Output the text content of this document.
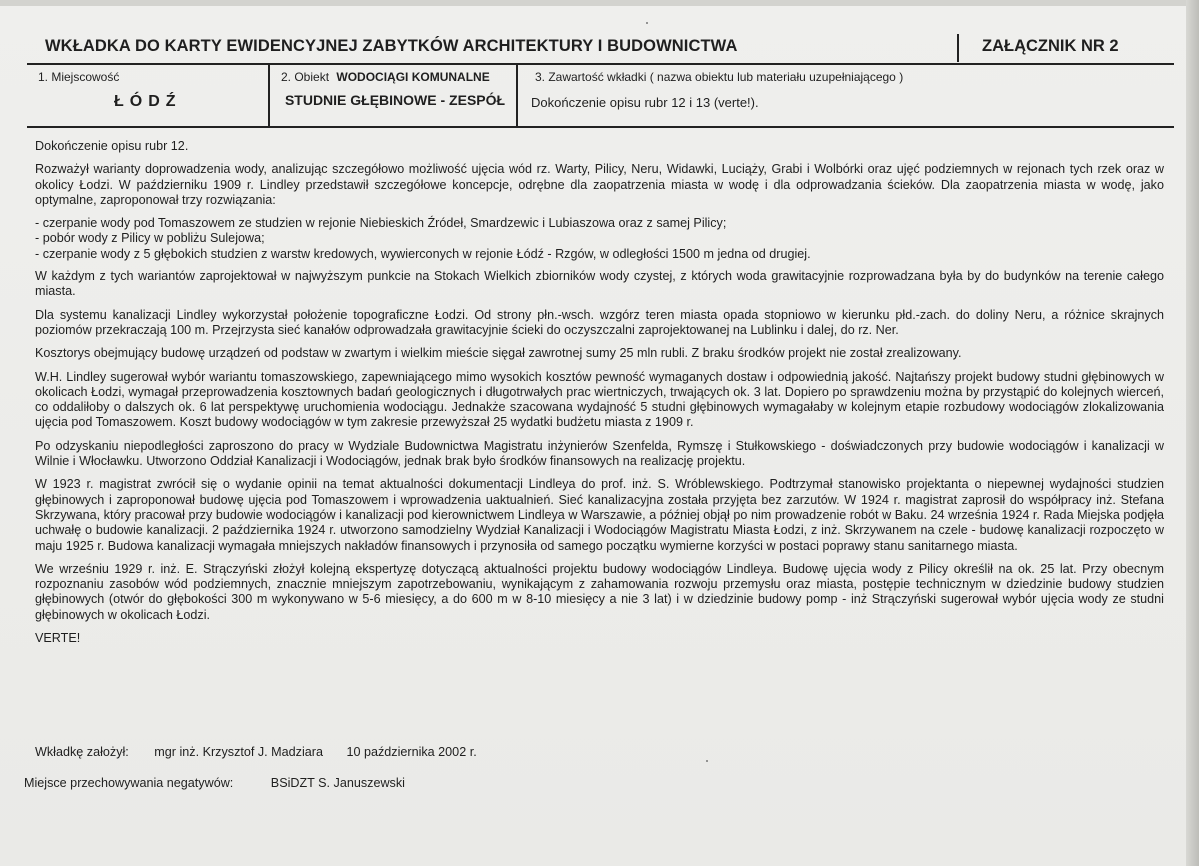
WKŁADKA DO KARTY EWIDENCYJNEJ ZABYTKÓW ARCHITEKTURY I BUDOWNICTWA	ZAŁĄCZNIK NR 2
1. Miejscowość
ŁÓDŹ
2. Obiekt WODOCIĄGI KOMUNALNE
STUDNIE GŁĘBINOWE - ZESPÓŁ
3. Zawartość wkładki ( nazwa obiektu lub materiału uzupełniającego )
Dokończenie opisu rubr 12 i 13 (verte!).

Dokończenie opisu rubr 12.

Rozważył warianty doprowadzenia wody, analizując szczegółowo możliwość ujęcia wód rz. Warty, Pilicy, Neru, Widawki, Luciąży, Grabi i Wolbórki oraz ujęć podziemnych w rejonach tych rzek oraz w okolicy Łodzi. W październiku 1909 r. Lindley przedstawił szczegółowe koncepcje, odrębne dla zaopatrzenia miasta w wodę i dla odprowadzania ścieków. Dla zaopatrzenia miasta w wodę, jako optymalne, zaproponował trzy rozwiązania:

- czerpanie wody pod Tomaszowem ze studzien w rejonie Niebieskich Źródeł, Smardzewic i Lubiaszowa oraz z samej Pilicy;
- pobór wody z Pilicy w pobliżu Sulejowa;
- czerpanie wody z 5 głębokich studzien z warstw kredowych, wywierconych w rejonie Łódź - Rzgów, w odległości 1500 m jedna od drugiej.

W każdym z tych wariantów zaprojektował w najwyższym punkcie na Stokach Wielkich zbiorników wody czystej, z których woda grawitacyjnie rozprowadzana była by do budynków na terenie całego miasta.

Dla systemu kanalizacji Lindley wykorzystał położenie topograficzne Łodzi. Od strony płn.-wsch. wzgórz teren miasta opada stopniowo w kierunku płd.-zach. do doliny Neru, a różnice skrajnych poziomów przekraczają 100 m. Przejrzysta sieć kanałów odprowadzała grawitacyjnie ścieki do oczyszczalni zaprojektowanej na Lublinku i dalej, do rz. Ner.

Kosztorys obejmujący budowę urządzeń od podstaw w zwartym i wielkim mieście sięgał zawrotnej sumy 25 mln rubli. Z braku środków projekt nie został zrealizowany.

W.H. Lindley sugerował wybór wariantu tomaszowskiego, zapewniającego mimo wysokich kosztów pewność wymaganych dostaw i odpowiednią jakość. Najtańszy projekt budowy studni głębinowych w okolicach Łodzi, wymagał przeprowadzenia kosztownych badań geologicznych i długotrwałych prac wiertniczych, trwających ok. 3 lat. Dopiero po sprawdzeniu można by przystąpić do kolejnych wierceń, co oddaliłoby o dalszych ok. 6 lat perspektywę uruchomienia wodociągu. Jednakże szacowana wydajność 5 studni głębinowych wymagałaby w kolejnym etapie rozbudowy wodociągów zlokalizowania ujęcia pod Tomaszowem. Koszt budowy wodociągów w tym zakresie przewyższał 25 wydatki budżetu miasta z 1909 r.

Po odzyskaniu niepodległości zaproszono do pracy w Wydziale Budownictwa Magistratu inżynierów Szenfelda, Rymszę i Stułkowskiego - doświadczonych przy budowie wodociągów i kanalizacji w Wilnie i Włocławku. Utworzono Oddział Kanalizacji i Wodociągów, jednak brak było środków finansowych na realizację projektu.

W 1923 r. magistrat zwrócił się o wydanie opinii na temat aktualności dokumentacji Lindleya do prof. inż. S. Wróblewskiego. Podtrzymał stanowisko projektanta o niepewnej wydajności studzien głębinowych i zaproponował budowę ujęcia pod Tomaszowem i wprowadzenia uaktualnień. Sieć kanalizacyjna została przyjęta bez zarzutów. W 1924 r. magistrat zaprosił do współpracy inż. Stefana Skrzywana, który pracował przy budowie wodociągów i kanalizacji pod kierownictwem Lindleya w Warszawie, a później objął po nim prowadzenie robót w Baku. 24 września 1924 r. Rada Miejska podjęła uchwałę o budowie kanalizacji. 2 października 1924 r. utworzono samodzielny Wydział Kanalizacji i Wodociągów Magistratu Miasta Łodzi, z inż. Skrzywanem na czele - budowę kanalizacji rozpoczęto w maju 1925 r. Budowa kanalizacji wymagała mniejszych nakładów finansowych i przynosiła od samego początku wymierne korzyści w postaci poprawy stanu sanitarnego miasta.

We wrześniu 1929 r. inż. E. Strączyński złożył kolejną ekspertyzę dotyczącą aktualności projektu budowy wodociągów Lindleya. Budowę ujęcia wody z Pilicy określił na ok. 25 lat. Przy obecnym rozpoznaniu zasobów wód podziemnych, znacznie mniejszym zapotrzebowaniu, wynikającym z zahamowania rozwoju przemysłu oraz miasta, postępie technicznym w dziedzinie budowy studzien głębinowych (otwór do głębokości 300 m wykonywano w 5-6 miesięcy, a do 600 m w 8-10 miesięcy a nie 3 lat) i w dziedzinie budowy pomp - inż Strączyński sugerował wybór ujęcia wody ze studni głębinowych w okolicach Łodzi.

VERTE!

Wkładkę założył: mgr inż. Krzysztof J. Madziara 10 października 2002 r.
Miejsce przechowywania negatywów:	BSiDZT S. Januszewski
